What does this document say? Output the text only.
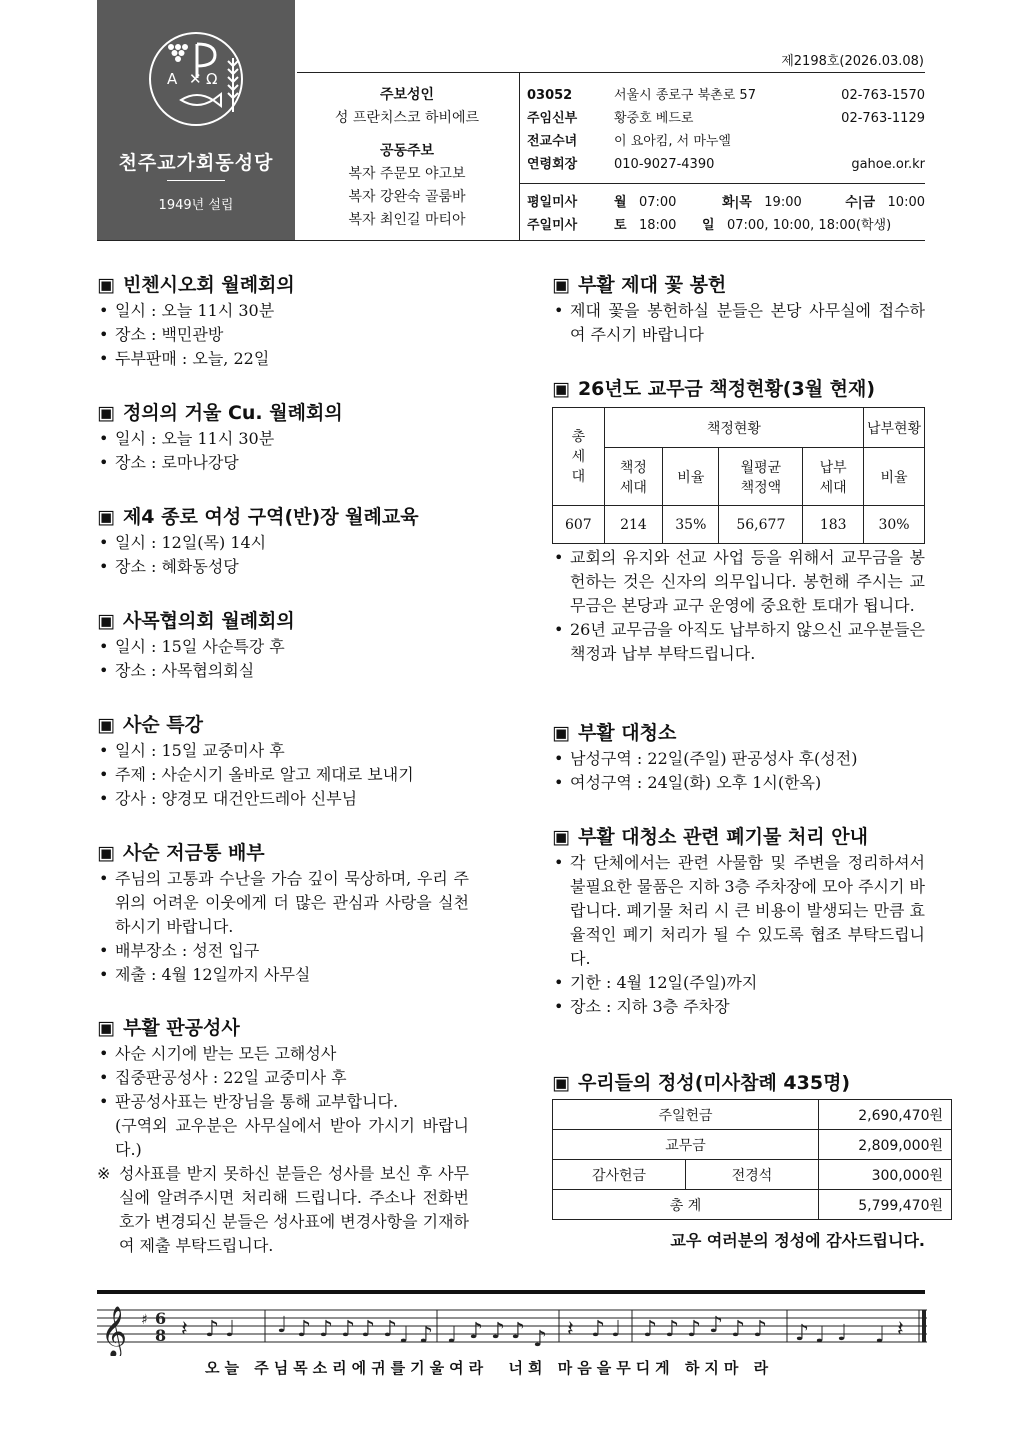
A ✕ Ω
천주교가회동성당
1949년 설립
제2198호(2026.03.08)
주보성인
성 프란치스코 하비에르
공동주보
복자 주문모 야고보
복자 강완숙 골룸바
복자 최인길 마티아
03052	서울시 종로구 북촌로 57	02-763-1570
주임신부	황중호 베드로	02-763-1129
전교수녀	이 요아킴, 서 마누엘
연령회장	010-9027-4390	gahoe.or.kr
평일미사	월 07:00	화|목 19:00	수|금 10:00
주일미사	토 18:00 일 07:00, 10:00, 18:00(학생)
▣ 빈첸시오회 월례회의
• 일시 : 오늘 11시 30분
• 장소 : 백민관방
• 두부판매 : 오늘, 22일
▣ 정의의 거울 Cu. 월례회의
• 일시 : 오늘 11시 30분
• 장소 : 로마나강당
▣ 제4 종로 여성 구역(반)장 월례교육
• 일시 : 12일(목) 14시
• 장소 : 혜화동성당
▣ 사목협의회 월례회의
• 일시 : 15일 사순특강 후
• 장소 : 사목협의회실
▣ 사순 특강
• 일시 : 15일 교중미사 후
• 주제 : 사순시기 올바로 알고 제대로 보내기
• 강사 : 양경모 대건안드레아 신부님
▣ 사순 저금통 배부
• 주님의 고통과 수난을 가슴 깊이 묵상하며, 우리 주위의 어려운 이웃에게 더 많은 관심과 사랑을 실천하시기 바랍니다.
• 배부장소 : 성전 입구
• 제출 : 4월 12일까지 사무실
▣ 부활 판공성사
• 사순 시기에 받는 모든 고해성사
• 집중판공성사 : 22일 교중미사 후
• 판공성사표는 반장님을 통해 교부합니다.
(구역외 교우분은 사무실에서 받아 가시기 바랍니다.)
※ 성사표를 받지 못하신 분들은 성사를 보신 후 사무실에 알려주시면 처리해 드립니다. 주소나 전화번호가 변경되신 분들은 성사표에 변경사항을 기재하여 제출 부탁드립니다.
▣ 부활 제대 꽃 봉헌
• 제대 꽃을 봉헌하실 분들은 본당 사무실에 접수하여 주시기 바랍니다
▣ 26년도 교무금 책정현황(3월 현재)
총세대	책정현황				납부현황
	책정세대	비율	월평균책정액	납부세대	비율
607	214	35%	56,677	183	30%
• 교회의 유지와 선교 사업 등을 위해서 교무금을 봉헌하는 것은 신자의 의무입니다. 봉헌해 주시는 교무금은 본당과 교구 운영에 중요한 토대가 됩니다.
• 26년 교무금을 아직도 납부하지 않으신 교우분들은 책정과 납부 부탁드립니다.
▣ 부활 대청소
• 남성구역 : 22일(주일) 판공성사 후(성전)
• 여성구역 : 24일(화) 오후 1시(한옥)
▣ 부활 대청소 관련 폐기물 처리 안내
• 각 단체에서는 관련 사물함 및 주변을 정리하셔서 불필요한 물품은 지하 3층 주차장에 모아 주시기 바랍니다. 폐기물 처리 시 큰 비용이 발생되는 만큼 효율적인 폐기 처리가 될 수 있도록 협조 부탁드립니다.
• 기한 : 4월 12일(주일)까지
• 장소 : 지하 3층 주차장
▣ 우리들의 정성(미사참례 435명)
주일헌금		2,690,470원
교무금		2,809,000원
감사헌금	전경석	300,000원
총 계		5,799,470원
교우 여러분의 정성에 감사드립니다.
𝄞 ♯ 6
8 𝄽 ♪ ♩ ♩ ♪ ♪ ♪ ♪ ♪ ♩ ♪ ♩ ♪ ♪ ♪ ♪ 𝄽 ♪ ♩ ♪ ♪ ♪ ♪ ♪ ♪ ♪ ♩ ♩ ♩ 𝄽
오늘 주님목소리에귀를기울여라  너희 마음을무디게 하지마 라
